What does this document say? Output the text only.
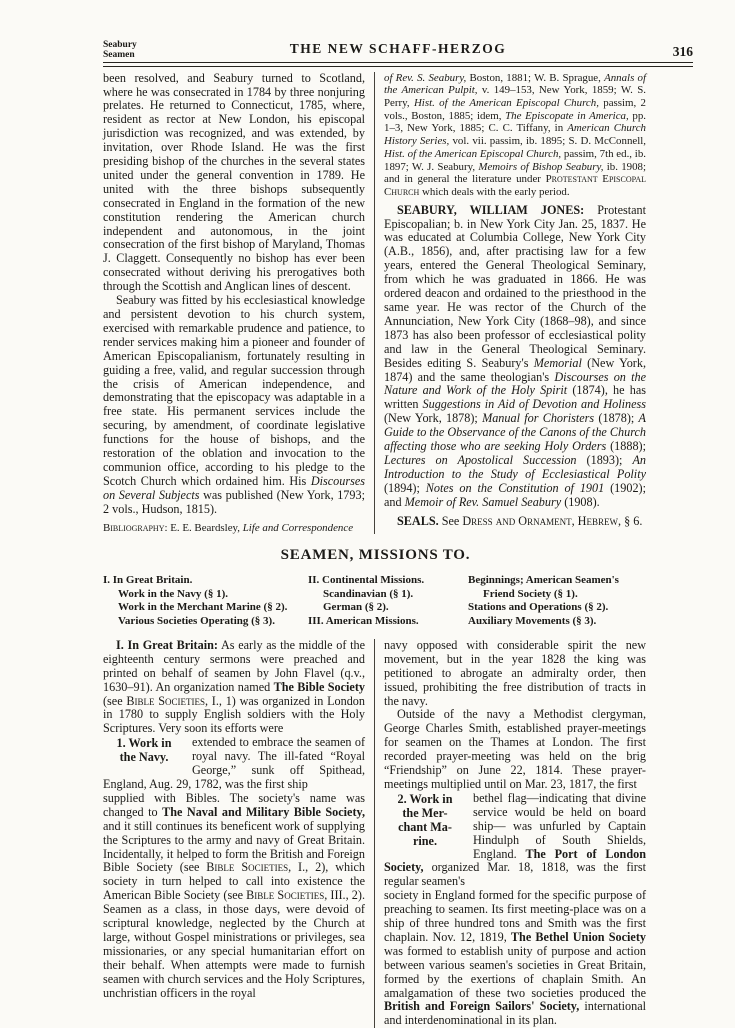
Seabury
Seamen	THE NEW SCHAFF-HERZOG	316

been resolved, and Seabury turned to Scotland, where he was consecrated in 1784 by three nonjuring prelates. He returned to Connecticut, 1785, where, resident as rector at New London, his episcopal jurisdiction was recognized, and was extended, by invitation, over Rhode Island. He was the first presiding bishop of the churches in the several states united under the general convention in 1789. He united with the three bishops subsequently consecrated in England in the formation of the new constitution rendering the American church independent and autonomous, in the joint consecration of the first bishop of Maryland, Thomas J. Claggett. Consequently no bishop has ever been consecrated without deriving his prerogatives both through the Scottish and Anglican lines of descent.

Seabury was fitted by his ecclesiastical knowledge and persistent devotion to his church system, exercised with remarkable prudence and patience, to render services making him a pioneer and founder of American Episcopalianism, fortunately resulting in guiding a free, valid, and regular succession through the crisis of American independence, and demonstrating that the episcopacy was adaptable in a free state. His permanent services include the securing, by amendment, of coordinate legislative functions for the house of bishops, and the restoration of the oblation and invocation to the communion office, according to his pledge to the Scotch Church which ordained him. His Discourses on Several Subjects was published (New York, 1793; 2 vols., Hudson, 1815).

Bibliography: E. E. Beardsley, Life and Correspondence

of Rev. S. Seabury, Boston, 1881; W. B. Sprague, Annals of the American Pulpit, v. 149–153, New York, 1859; W. S. Perry, Hist. of the American Episcopal Church, passim, 2 vols., Boston, 1885; idem, The Episcopate in America, pp. 1–3, New York, 1885; C. C. Tiffany, in American Church History Series, vol. vii. passim, ib. 1895; S. D. McConnell, Hist. of the American Episcopal Church, passim, 7th ed., ib. 1897; W. J. Seabury, Memoirs of Bishop Seabury, ib. 1908; and in general the literature under Protestant Episcopal Church which deals with the early period.

SEABURY, WILLIAM JONES: Protestant Episcopalian; b. in New York City Jan. 25, 1837. He was educated at Columbia College, New York City (A.B., 1856), and, after practising law for a few years, entered the General Theological Seminary, from which he was graduated in 1866. He was ordered deacon and ordained to the priesthood in the same year. He was rector of the Church of the Annunciation, New York City (1868–98), and since 1873 has also been professor of ecclesiastical polity and law in the General Theological Seminary. Besides editing S. Seabury's Memorial (New York, 1874) and the same theologian's Discourses on the Nature and Work of the Holy Spirit (1874), he has written Suggestions in Aid of Devotion and Holiness (New York, 1878); Manual for Choristers (1878); A Guide to the Observance of the Canons of the Church affecting those who are seeking Holy Orders (1888); Lectures on Apostolical Succession (1893); An Introduction to the Study of Ecclesiastical Polity (1894); Notes on the Constitution of 1901 (1902); and Memoir of Rev. Samuel Seabury (1908).

SEALS. See Dress and Ornament, Hebrew, § 6.

SEAMEN, MISSIONS TO.
I. In Great Britain.
Work in the Navy (§ 1).
Work in the Merchant Marine (§ 2).
Various Societies Operating (§ 3).
II. Continental Missions.
Scandinavian (§ 1).
German (§ 2).
III. American Missions.
Beginnings; American Seamen's
Friend Society (§ 1).
Stations and Operations (§ 2).
Auxiliary Movements (§ 3).

I. In Great Britain: As early as the middle of the eighteenth century sermons were preached and printed on behalf of seamen by John Flavel (q.v., 1630–91). An organization named The Bible Society (see Bible Societies, I., 1) was organized in London in 1780 to supply English soldiers with the Holy Scriptures. Very soon its efforts were

1. Work in
the Navy.
extended to embrace the seamen of royal navy. The ill-fated “Royal George,” sunk off Spithead, England, Aug. 29, 1782, was the first ship

supplied with Bibles. The society's name was changed to The Naval and Military Bible Society, and it still continues its beneficent work of supplying the Scriptures to the army and navy of Great Britain. Incidentally, it helped to form the British and Foreign Bible Society (see Bible Societies, I., 2), which society in turn helped to call into existence the American Bible Society (see Bible Societies, III., 2). Seamen as a class, in those days, were devoid of scriptural knowledge, neglected by the Church at large, without Gospel ministrations or privileges, sea missionaries, or any special humanitarian effort on their behalf. When attempts were made to furnish seamen with church services and the Holy Scriptures, unchristian officers in the royal

navy opposed with considerable spirit the new movement, but in the year 1828 the king was petitioned to abrogate an admiralty order, then issued, prohibiting the free distribution of tracts in the navy.

Outside of the navy a Methodist clergyman, George Charles Smith, established prayer-meetings for seamen on the Thames at London. The first recorded prayer-meeting was held on the brig “Friendship” on June 22, 1814. These prayer-meetings multiplied until on Mar. 23, 1817, the first

2. Work in
the Mer-
chant Ma-
rine.
bethel flag—indicating that divine service would be held on board ship— was unfurled by Captain Hindulph of South Shields, England. The Port of London Society, organized Mar. 18, 1818, was the first regular seamen's

society in England formed for the specific purpose of preaching to seamen. Its first meeting-place was on a ship of three hundred tons and Smith was the first chaplain. Nov. 12, 1819, The Bethel Union Society was formed to establish unity of purpose and action between various seamen's societies in Great Britain, formed by the exertions of chaplain Smith. An amalgamation of these two societies produced the British and Foreign Sailors' Society, international and interdenominational in its plan.
